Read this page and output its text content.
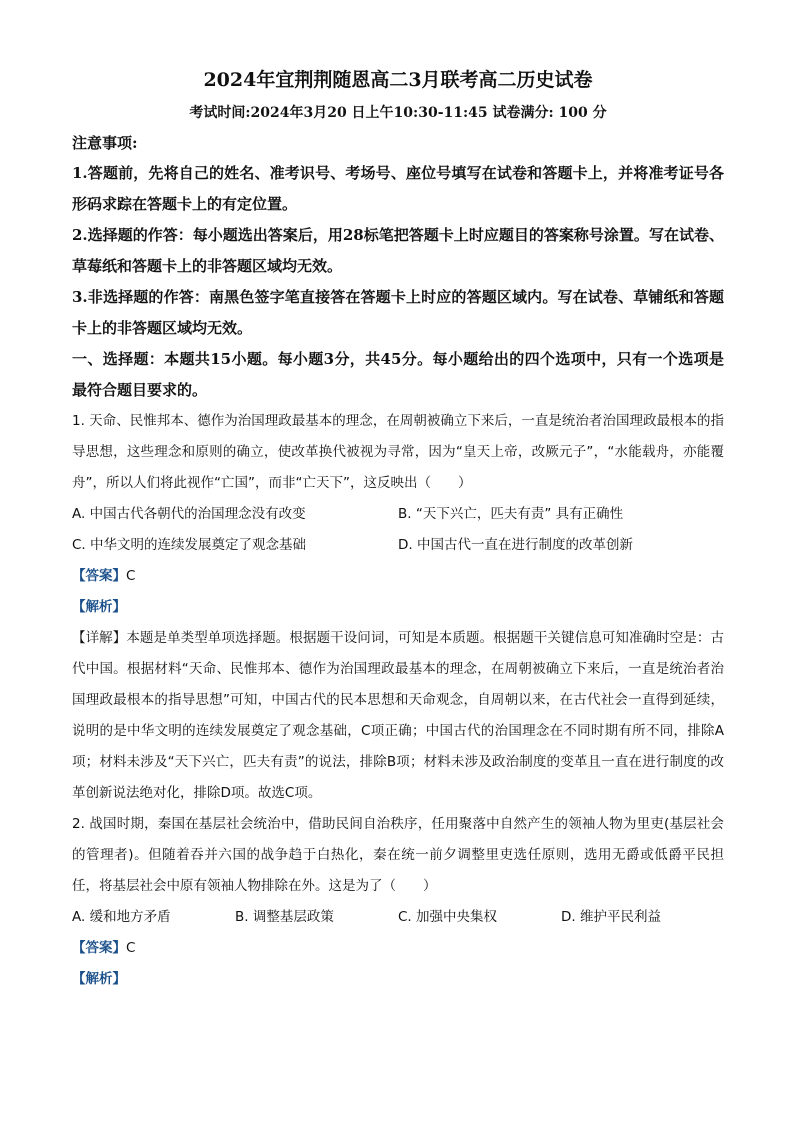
2024年宜荆荆随恩高二3月联考高二历史试卷

考试时间:2024年3月20 日上午10:30-11:45 试卷满分: 100 分

注意事项:

1.答题前，先将自己的姓名、准考识号、考场号、座位号填写在试卷和答题卡上，并将准考证号各形码求踪在答题卡上的有定位置。

2.选择题的作答：每小题选出答案后，用28标笔把答题卡上时应题目的答案称号涂置。写在试卷、草莓纸和答题卡上的非答题区域均无效。

3.非选择题的作答：南黑色签字笔直接答在答题卡上时应的答题区域内。写在试卷、草铺纸和答题卡上的非答题区域均无效。

一、选择题：本题共15小题。每小题3分，共45分。每小题给出的四个选项中，只有一个选项是最符合题目要求的。

1. 天命、民惟邦本、德作为治国理政最基本的理念，在周朝被确立下来后，一直是统治者治国理政最根本的指导思想，这些理念和原则的确立，使改革换代被视为寻常，因为“皇天上帝，改厥元子”，“水能载舟，亦能覆舟”，所以人们将此视作“亡国”，而非“亡天下”，这反映出（　　）

A. 中国古代各朝代的治国理念没有改变	B. “天下兴亡，匹夫有责” 具有正确性
C. 中华文明的连续发展奠定了观念基础	D. 中国古代一直在进行制度的改革创新

【答案】C

【解析】

【详解】本题是单类型单项选择题。根据题干设问词，可知是本质题。根据题干关键信息可知准确时空是：古代中国。根据材料“天命、民惟邦本、德作为治国理政最基本的理念，在周朝被确立下来后，一直是统治者治国理政最根本的指导思想”可知，中国古代的民本思想和天命观念，自周朝以来，在古代社会一直得到延续，说明的是中华文明的连续发展奠定了观念基础，C项正确；中国古代的治国理念在不同时期有所不同，排除A项；材料未涉及“天下兴亡，匹夫有责”的说法，排除B项；材料未涉及政治制度的变革且一直在进行制度的改革创新说法绝对化，排除D项。故选C项。

2. 战国时期，秦国在基层社会统治中，借助民间自治秩序，任用聚落中自然产生的领袖人物为里吏(基层社会的管理者)。但随着吞并六国的战争趋于白热化，秦在统一前夕调整里吏选任原则，选用无爵或低爵平民担任，将基层社会中原有领袖人物排除在外。这是为了（　　）

A. 缓和地方矛盾	B. 调整基层政策	C. 加强中央集权	D. 维护平民利益

【答案】C

【解析】
